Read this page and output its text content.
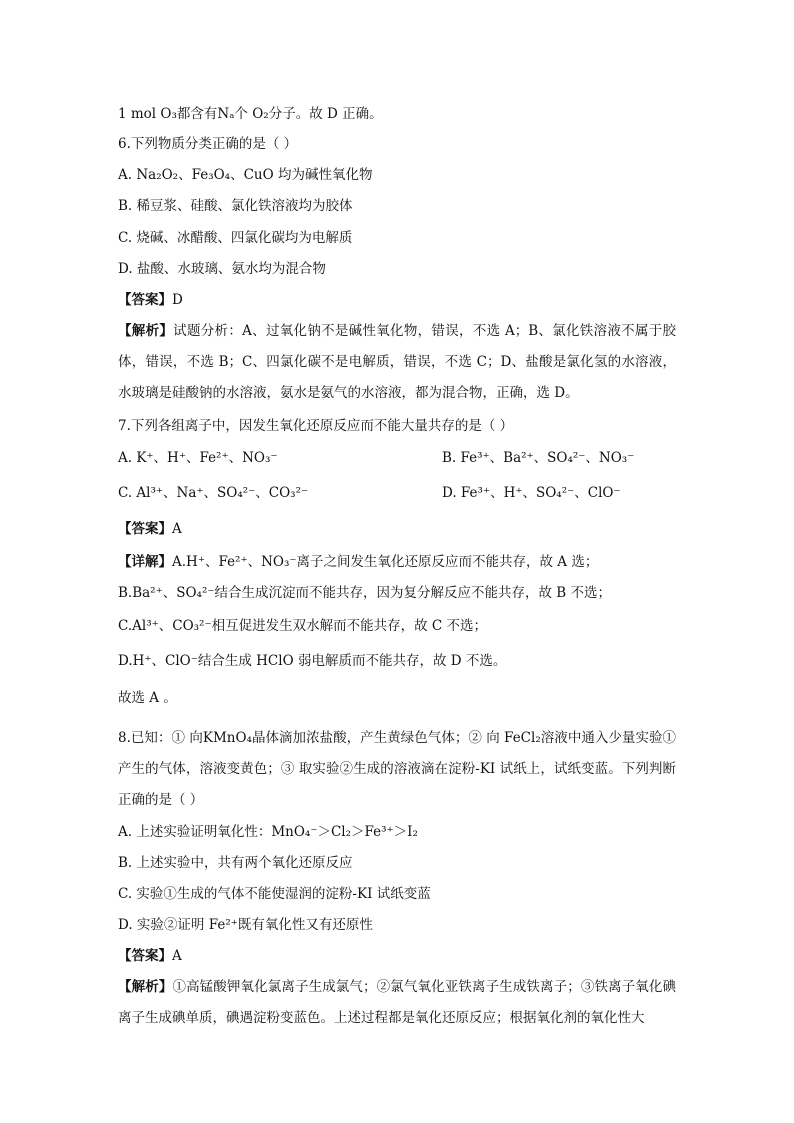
1 mol O₃都含有Nₐ个 O₂分子。故 D 正确。
6.下列物质分类正确的是（ ）
A. Na₂O₂、Fe₃O₄、CuO 均为碱性氧化物
B. 稀豆浆、硅酸、氯化铁溶液均为胶体
C. 烧碱、冰醋酸、四氯化碳均为电解质
D. 盐酸、水玻璃、氨水均为混合物
【答案】D
【解析】试题分析：A、过氧化钠不是碱性氧化物，错误，不选 A；B、氯化铁溶液不属于胶体，错误，不选 B；C、四氯化碳不是电解质，错误，不选 C；D、盐酸是氯化氢的水溶液，水玻璃是硅酸钠的水溶液，氨水是氨气的水溶液，都为混合物，正确，选 D。
7.下列各组离子中，因发生氧化还原反应而不能大量共存的是（ ）
A. K⁺、H⁺、Fe²⁺、NO₃⁻	B. Fe³⁺、Ba²⁺、SO₄²⁻、NO₃⁻
C. Al³⁺、Na⁺、SO₄²⁻、CO₃²⁻	D. Fe³⁺、H⁺、SO₄²⁻、ClO⁻
【答案】A
【详解】A.H⁺、Fe²⁺、NO₃⁻离子之间发生氧化还原反应而不能共存，故 A 选；
B.Ba²⁺、SO₄²⁻结合生成沉淀而不能共存，因为复分解反应不能共存，故 B 不选；
C.Al³⁺、CO₃²⁻相互促进发生双水解而不能共存，故 C 不选；
D.H⁺、ClO⁻结合生成 HClO 弱电解质而不能共存，故 D 不选。
故选 A 。
8.已知：① 向KMnO₄晶体滴加浓盐酸，产生黄绿色气体；② 向 FeCl₂溶液中通入少量实验①产生的气体，溶液变黄色；③ 取实验②生成的溶液滴在淀粉-KI 试纸上，试纸变蓝。下列判断正确的是（ ）
A. 上述实验证明氧化性：MnO₄⁻＞Cl₂＞Fe³⁺＞I₂
B. 上述实验中，共有两个氧化还原反应
C. 实验①生成的气体不能使湿润的淀粉-KI 试纸变蓝
D. 实验②证明 Fe²⁺既有氧化性又有还原性
【答案】A
【解析】①高锰酸钾氧化氯离子生成氯气；②氯气氧化亚铁离子生成铁离子；③铁离子氧化碘离子生成碘单质，碘遇淀粉变蓝色。上述过程都是氧化还原反应；根据氧化剂的氧化性大
